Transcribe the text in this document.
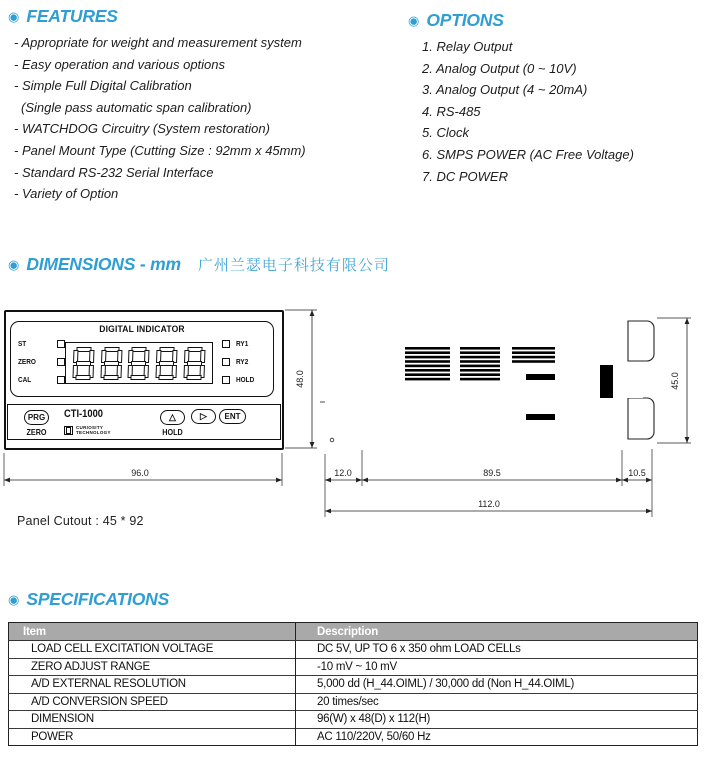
◉ FEATURES
- Appropriate for weight and measurement system
- Easy operation and various options
- Simple Full Digital Calibration
(Single pass automatic span calibration)
- WATCHDOG Circuitry (System restoration)
- Panel Mount Type (Cutting Size : 92mm x 45mm)
- Standard RS-232 Serial Interface
- Variety of Option
◉ OPTIONS
1. Relay Output
2. Analog Output (0 ~ 10V)
3. Analog Output (4 ~ 20mA)
4. RS-485
5. Clock
6. SMPS POWER (AC Free Voltage)
7. DC POWER
◉ DIMENSIONS - mm 广州兰瑟电子科技有限公司
96.0
48.0
12.0	89.5	10.5
112.0
45.0
DIGITAL INDICATOR
ST
ZERO
CAL
RY1
RY2
HOLD
PRG
ZERO
CTI-1000
CURIOSITY
TECHNOLOGY
△
HOLD
▷	ENT
Panel Cutout : 45 * 92
◉ SPECIFICATIONS
Item	Description
LOAD CELL EXCITATION VOLTAGE	DC 5V, UP TO 6 x 350 ohm LOAD CELLs
ZERO ADJUST RANGE	-10 mV ~ 10 mV
A/D EXTERNAL RESOLUTION	5,000 dd (H_44.OIML) / 30,000 dd (Non H_44.OIML)
A/D CONVERSION SPEED	20 times/sec
DIMENSION	96(W) x 48(D) x 112(H)
POWER	AC 110/220V, 50/60 Hz
